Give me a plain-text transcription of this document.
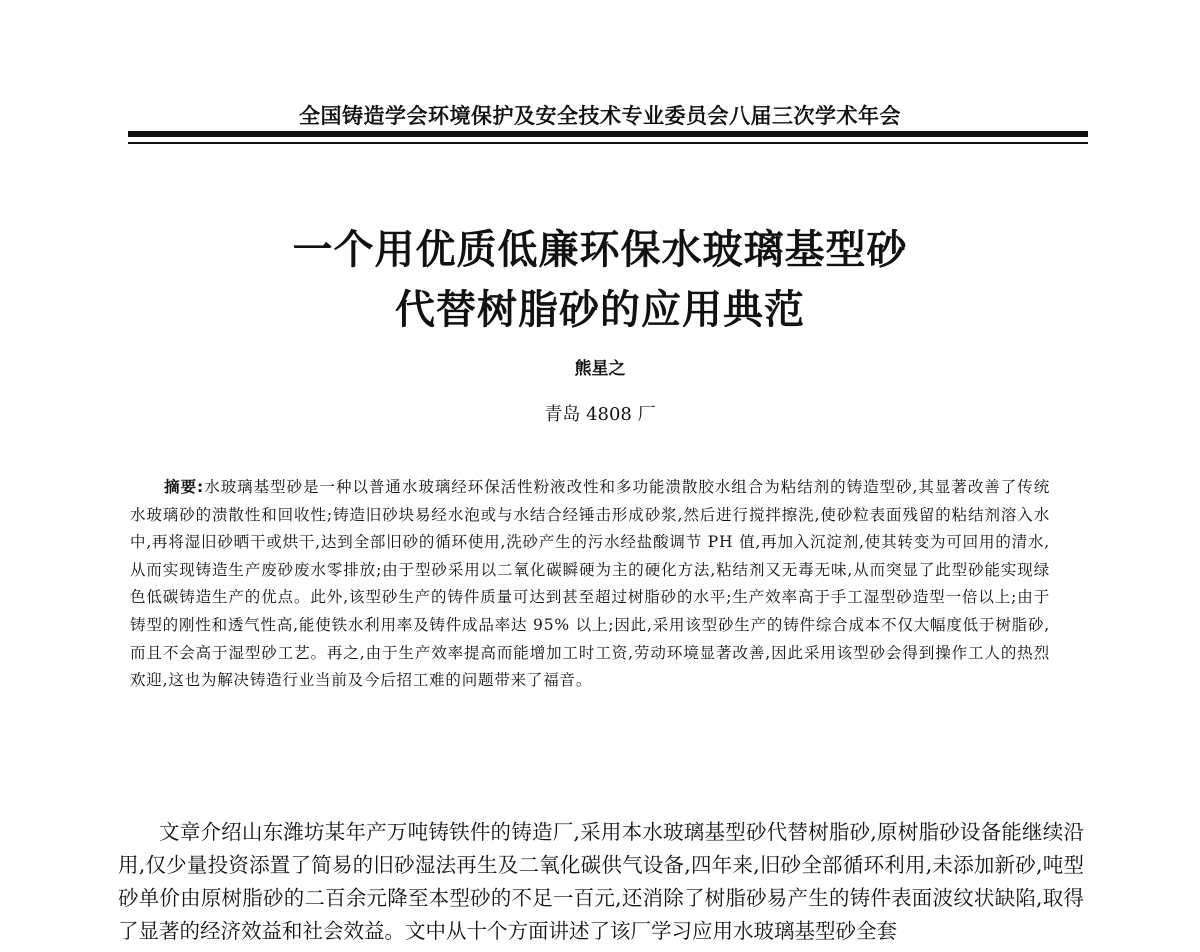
全国铸造学会环境保护及安全技术专业委员会八届三次学术年会
一个用优质低廉环保水玻璃基型砂
代替树脂砂的应用典范
熊星之
青岛 4808 厂
摘要:水玻璃基型砂是一种以普通水玻璃经环保活性粉液改性和多功能溃散胶水组合为粘结剂的铸造型砂,其显著改善了传统水玻璃砂的溃散性和回收性;铸造旧砂块易经水泡或与水结合经锤击形成砂浆,然后进行搅拌擦洗,使砂粒表面残留的粘结剂溶入水中,再将湿旧砂晒干或烘干,达到全部旧砂的循环使用,洗砂产生的污水经盐酸调节 PH 值,再加入沉淀剂,使其转变为可回用的清水,从而实现铸造生产废砂废水零排放;由于型砂采用以二氧化碳瞬硬为主的硬化方法,粘结剂又无毒无味,从而突显了此型砂能实现绿色低碳铸造生产的优点。此外,该型砂生产的铸件质量可达到甚至超过树脂砂的水平;生产效率高于手工湿型砂造型一倍以上;由于铸型的刚性和透气性高,能使铁水利用率及铸件成品率达 95% 以上;因此,采用该型砂生产的铸件综合成本不仅大幅度低于树脂砂,而且不会高于湿型砂工艺。再之,由于生产效率提高而能增加工时工资,劳动环境显著改善,因此采用该型砂会得到操作工人的热烈欢迎,这也为解决铸造行业当前及今后招工难的问题带来了福音。
文章介绍山东潍坊某年产万吨铸铁件的铸造厂,采用本水玻璃基型砂代替树脂砂,原树脂砂设备能继续沿用,仅少量投资添置了简易的旧砂湿法再生及二氧化碳供气设备,四年来,旧砂全部循环利用,未添加新砂,吨型砂单价由原树脂砂的二百余元降至本型砂的不足一百元,还消除了树脂砂易产生的铸件表面波纹状缺陷,取得了显著的经济效益和社会效益。文中从十个方面讲述了该厂学习应用水玻璃基型砂全套
